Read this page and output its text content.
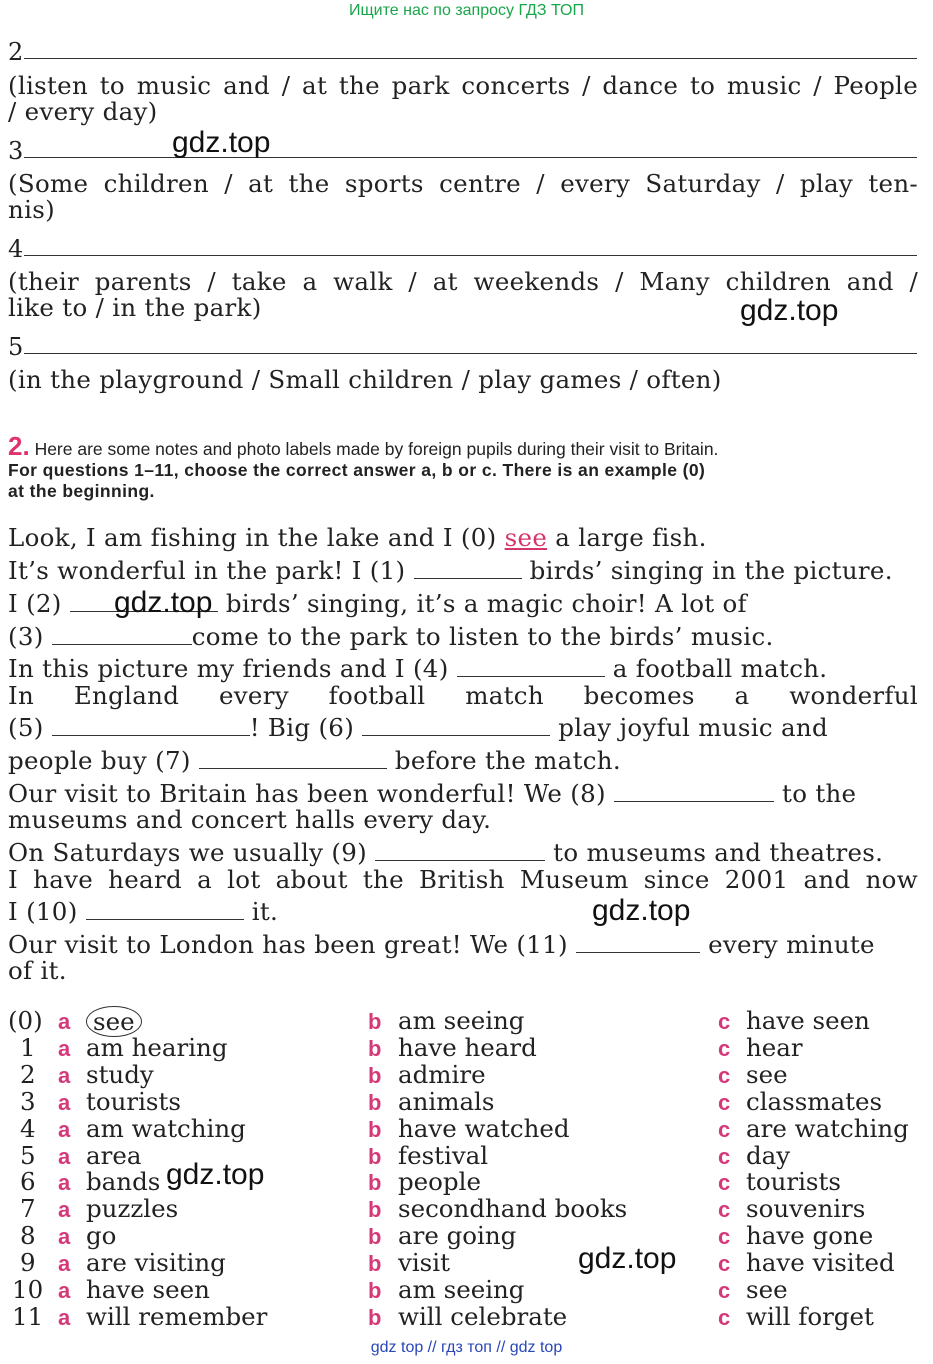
Ищите нас по запросу ГДЗ ТОП
2
(listen to music and / at the park concerts / dance to music / People
/ every day)
3
(Some children / at the sports centre / every Saturday / play ten-
nis)
4
(their parents / take a walk / at weekends / Many children and /
like to / in the park)
5
(in the playground / Small children / play games / often)
2. Here are some notes and photo labels made by foreign pupils during their visit to Britain.
For questions 1–11, choose the correct answer a, b or c. There is an example (0)
at the beginning.
Look, I am fishing in the lake and I (0) see a large fish.
It’s wonderful in the park! I (1)	birds’ singing in the picture.
I (2)	birds’ singing, it’s a magic choir! A lot of
(3)	come to the park to listen to the birds’ music.
In this picture my friends and I (4)	a football match.
In England every football match becomes a wonderful
(5)	! Big (6)	play joyful music and
people buy (7)	before the match.
Our visit to Britain has been wonderful! We (8)	to the
museums and concert halls every day.
On Saturdays we usually (9)	to museums and theatres.
I have heard a lot about the British Museum since 2001 and now
I (10)	it.
Our visit to London has been great! We (11)	every minute
of it.
(0) a see	b am seeing	c have seen
1 a am hearing	b have heard	c hear
2 a study	b admire	c see
3 a tourists	b animals	c classmates
4 a am watching	b have watched	c are watching
5 a area	b festival	c day
6 a bands	b people	c tourists
7 a puzzles	b secondhand books	c souvenirs
8 a go	b are going	c have gone
9 a are visiting	b visit	c have visited
10 a have seen	b am seeing	c see
11 a will remember	b will celebrate	c will forget
gdz.top
gdz.top
gdz.top
gdz.top
gdz.top
gdz.top
gdz top // гдз топ // gdz top
